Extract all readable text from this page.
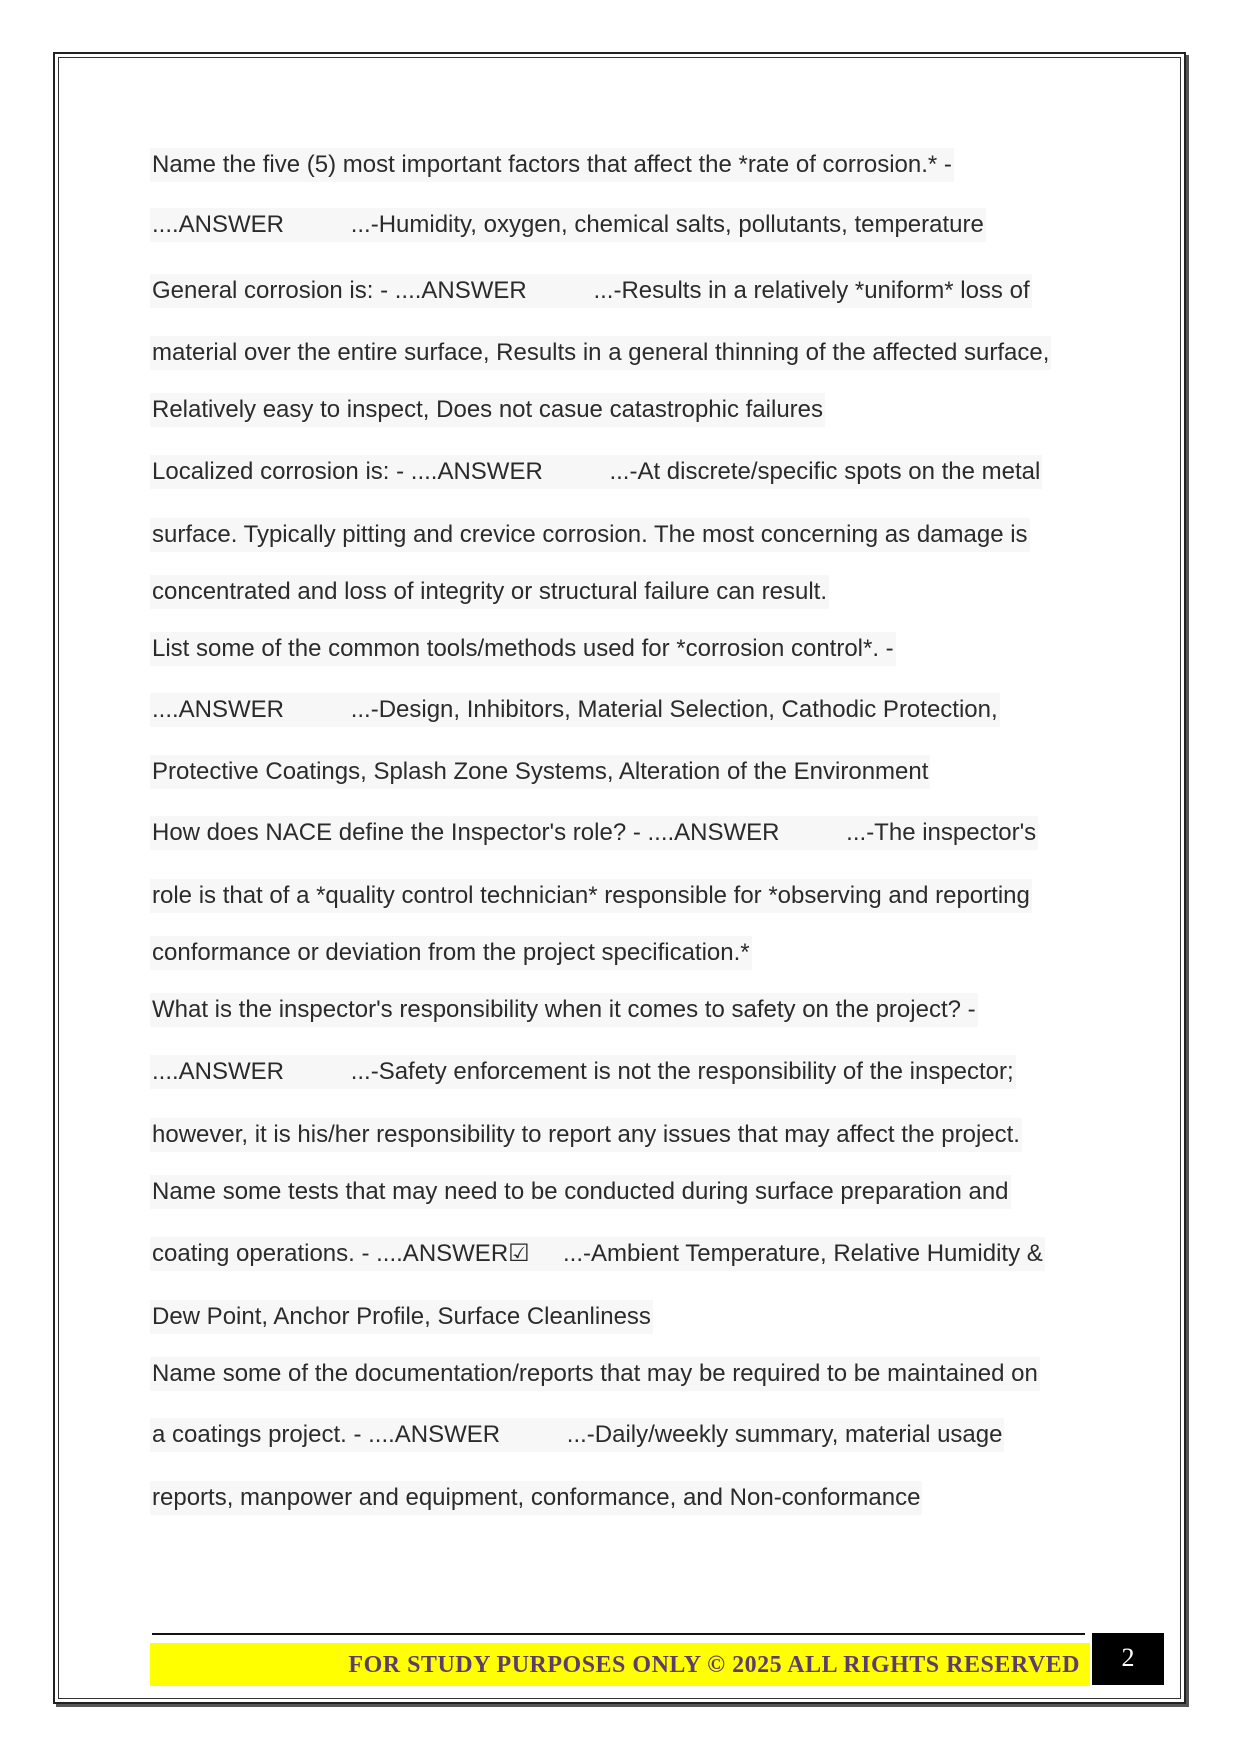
Name the five (5) most important factors that affect the *rate of corrosion.* -
....ANSWER          ...-Humidity, oxygen, chemical salts, pollutants, temperature
General corrosion is: - ....ANSWER          ...-Results in a relatively *uniform* loss of
material over the entire surface, Results in a general thinning of the affected surface,
Relatively easy to inspect, Does not casue catastrophic failures
Localized corrosion is: - ....ANSWER          ...-At discrete/specific spots on the metal
surface. Typically pitting and crevice corrosion. The most concerning as damage is
concentrated and loss of integrity or structural failure can result.
List some of the common tools/methods used for *corrosion control*. -
....ANSWER          ...-Design, Inhibitors, Material Selection, Cathodic Protection,
Protective Coatings, Splash Zone Systems, Alteration of the Environment
How does NACE define the Inspector's role? - ....ANSWER          ...-The inspector's
role is that of a *quality control technician* responsible for *observing and reporting
conformance or deviation from the project specification.*
What is the inspector's responsibility when it comes to safety on the project? -
....ANSWER          ...-Safety enforcement is not the responsibility of the inspector;
however, it is his/her responsibility to report any issues that may affect the project.
Name some tests that may need to be conducted during surface preparation and
coating operations. - ....ANSWER☑     ...-Ambient Temperature, Relative Humidity &
Dew Point, Anchor Profile, Surface Cleanliness
Name some of the documentation/reports that may be required to be maintained on
a coatings project. - ....ANSWER          ...-Daily/weekly summary, material usage
reports, manpower and equipment, conformance, and Non-conformance
FOR STUDY PURPOSES ONLY © 2025 ALL RIGHTS RESERVED	2
